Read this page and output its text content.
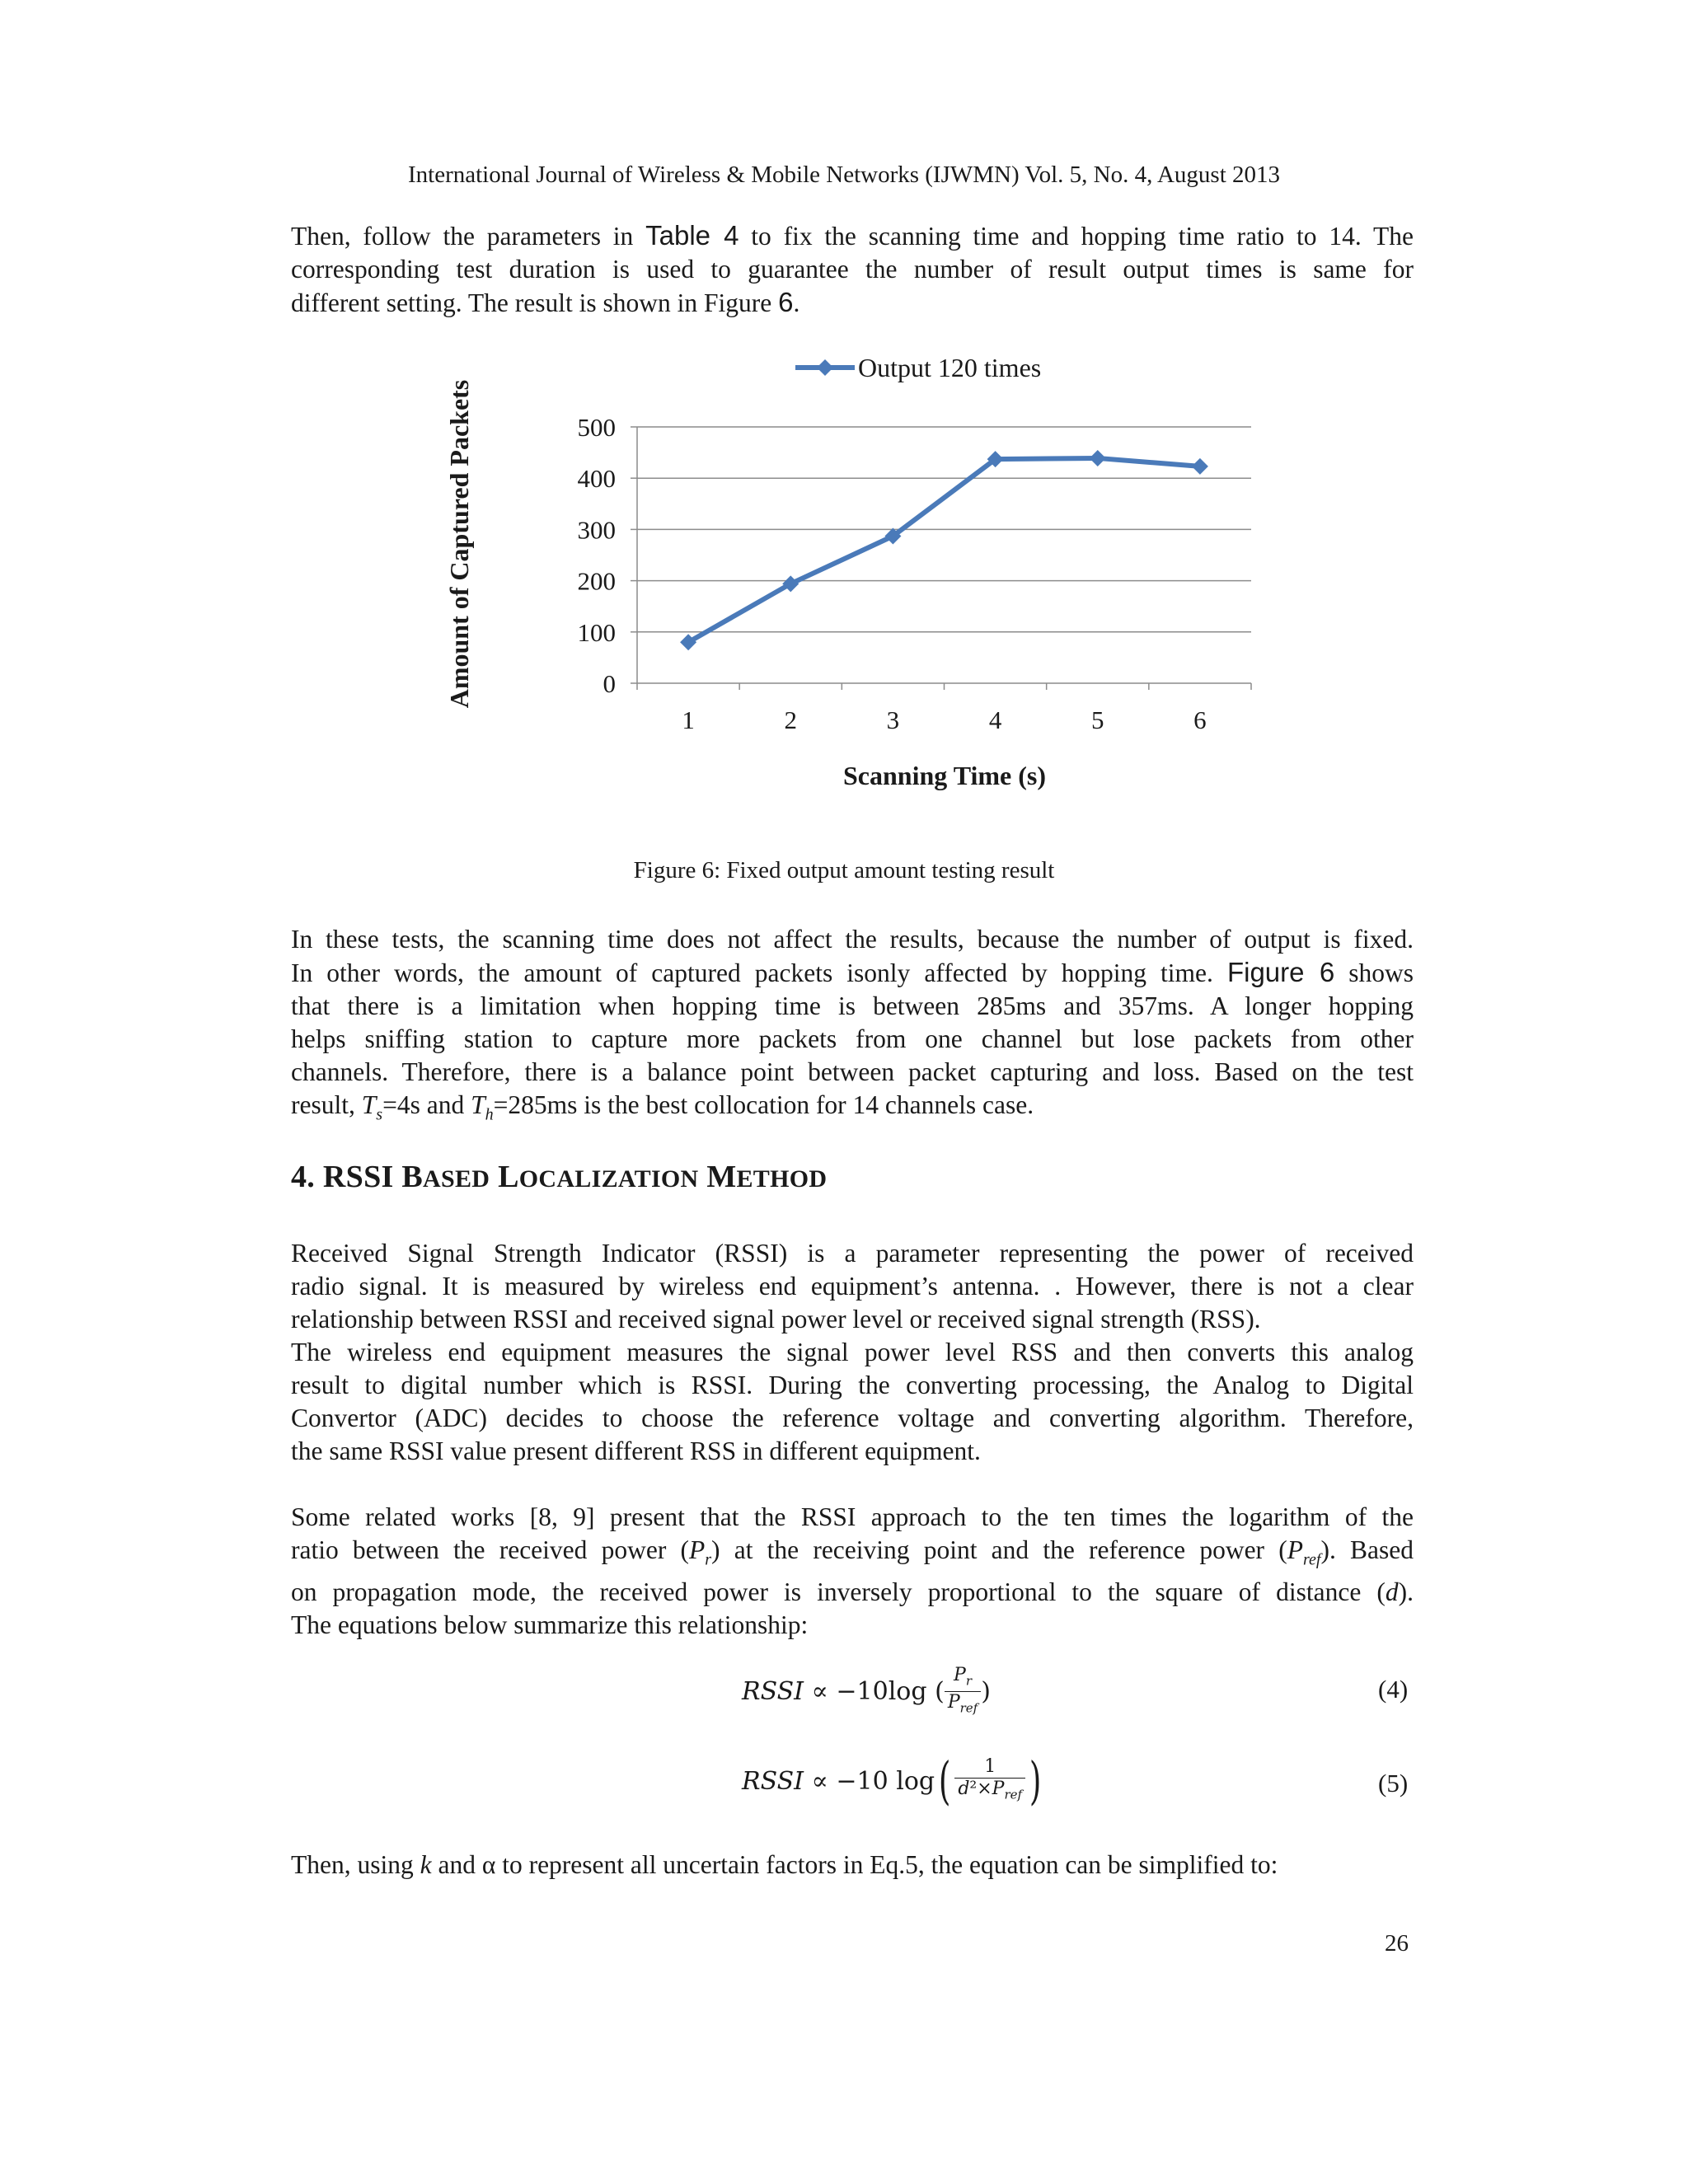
International Journal of Wireless & Mobile Networks (IJWMN) Vol. 5, No. 4, August 2013
Then, follow the parameters in Table 4 to fix the scanning time and hopping time ratio to 14. The
corresponding test duration is used to guarantee the number of result output times is same for
different setting. The result is shown in Figure 6.
0
100
200
300
400
500
1	2	3	4	5	6
Output 120 times
Scanning Time (s)
Amount of Captured Packets
Figure 6: Fixed output amount testing result
In these tests, the scanning time does not affect the results, because the number of output is fixed.
In other words, the amount of captured packets isonly affected by hopping time. Figure 6 shows
that there is a limitation when hopping time is between 285ms and 357ms. A longer hopping
helps sniffing station to capture more packets from one channel but lose packets from other
channels. Therefore, there is a balance point between packet capturing and loss. Based on the test
result, $T_s=4s$ and $T_h=285ms$ is the best collocation for 14 channels case.
4. RSSI BASED LOCALIZATION METHOD
Received Signal Strength Indicator (RSSI) is a parameter representing the power of received
radio signal. It is measured by wireless end equipment’s antenna. . However, there is not a clear
relationship between RSSI and received signal power level or received signal strength (RSS).
The wireless end equipment measures the signal power level RSS and then converts this analog
result to digital number which is RSSI. During the converting processing, the Analog to Digital
Convertor (ADC) decides to choose the reference voltage and converting algorithm. Therefore,
the same RSSI value present different RSS in different equipment.
Some related works [8, 9] present that the RSSI approach to the ten times the logarithm of the
ratio between the received power $(P_r)$ at the receiving point and the reference power $(P_{ref})$. Based
on propagation mode, the received power is inversely proportional to the square of distance (d).
The equations below summarize this relationship:
RSSI ∝ −10log (
$P_r$
$P_{ref}$
)	(4)
RSSI ∝ −10 log(	1
$d^2\times P_{ref}$ )	(5)
Then, using k and α to represent all uncertain factors in Eq.5, the equation can be simplified to:
26
